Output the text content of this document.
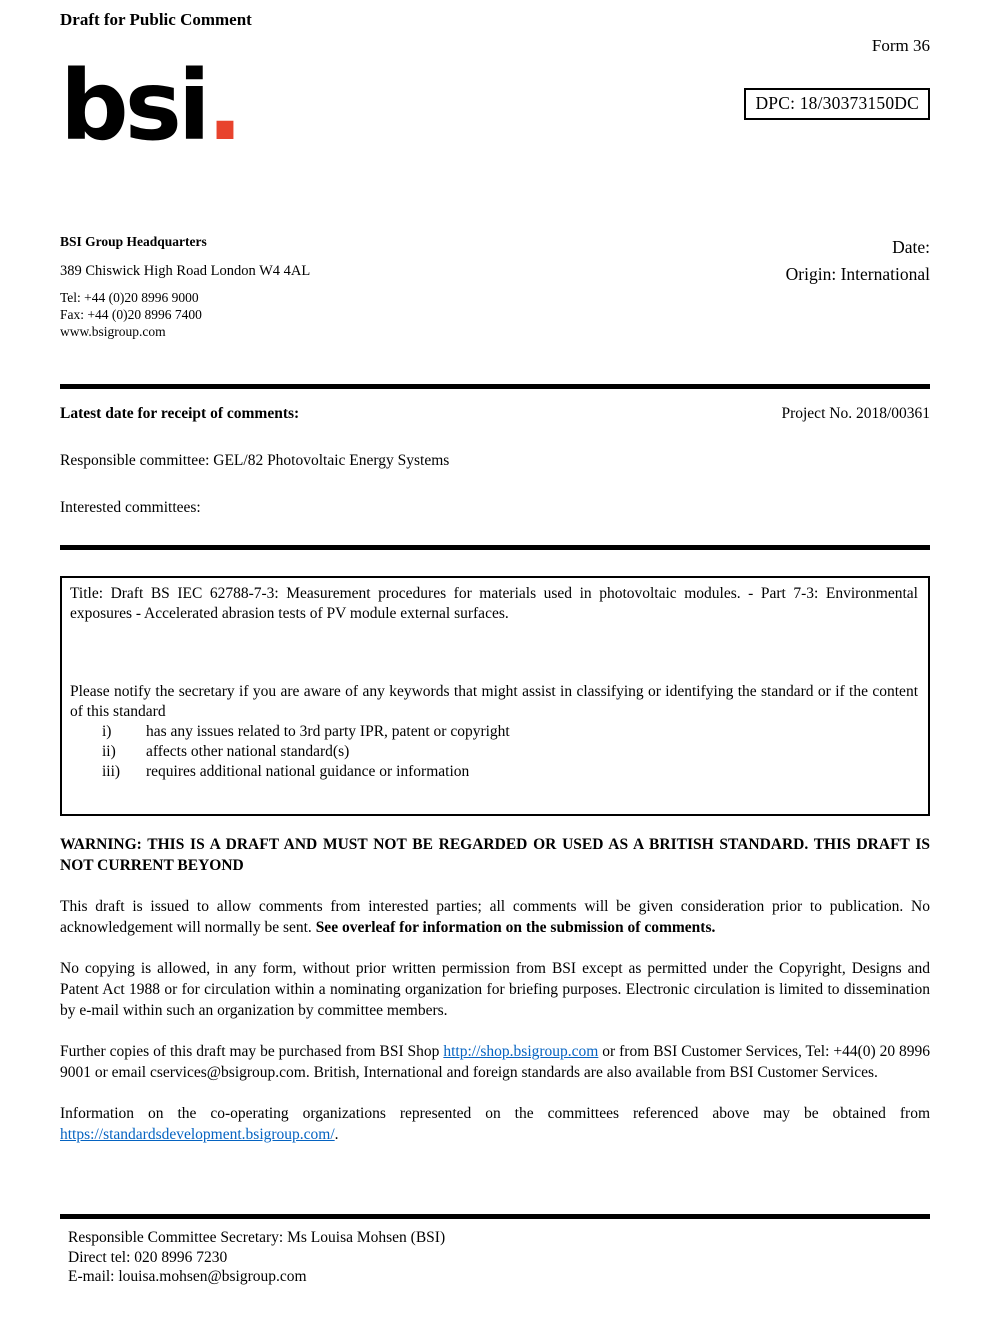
Draft for Public Comment
Form 36
DPC: 18/30373150DC
bsi.
BSI Group Headquarters
389 Chiswick High Road London W4 4AL
Tel: +44 (0)20 8996 9000
Fax: +44 (0)20 8996 7400
www.bsigroup.com
Date:
Origin: International
Latest date for receipt of comments:	Project No. 2018/00361
Responsible committee: GEL/82 Photovoltaic Energy Systems
Interested committees:
Title: Draft BS IEC 62788-7-3: Measurement procedures for materials used in photovoltaic modules. - Part 7-3: Environmental exposures - Accelerated abrasion tests of PV module external surfaces.
Please notify the secretary if you are aware of any keywords that might assist in classifying or identifying the standard or if the content of this standard
i)	has any issues related to 3rd party IPR, patent or copyright
ii)	affects other national standard(s)
iii)	requires additional national guidance or information
WARNING: THIS IS A DRAFT AND MUST NOT BE REGARDED OR USED AS A BRITISH STANDARD. THIS DRAFT IS NOT CURRENT BEYOND
This draft is issued to allow comments from interested parties; all comments will be given consideration prior to publication. No acknowledgement will normally be sent. See overleaf for information on the submission of comments.
No copying is allowed, in any form, without prior written permission from BSI except as permitted under the Copyright, Designs and Patent Act 1988 or for circulation within a nominating organization for briefing purposes. Electronic circulation is limited to dissemination by e-mail within such an organization by committee members.
Further copies of this draft may be purchased from BSI Shop http://shop.bsigroup.com or from BSI Customer Services, Tel: +44(0) 20 8996 9001 or email cservices@bsigroup.com. British, International and foreign standards are also available from BSI Customer Services.
Information on the co-operating organizations represented on the committees referenced above may be obtained from https://standardsdevelopment.bsigroup.com/.
Responsible Committee Secretary: Ms Louisa Mohsen (BSI)
Direct tel: 020 8996 7230
E-mail: louisa.mohsen@bsigroup.com
